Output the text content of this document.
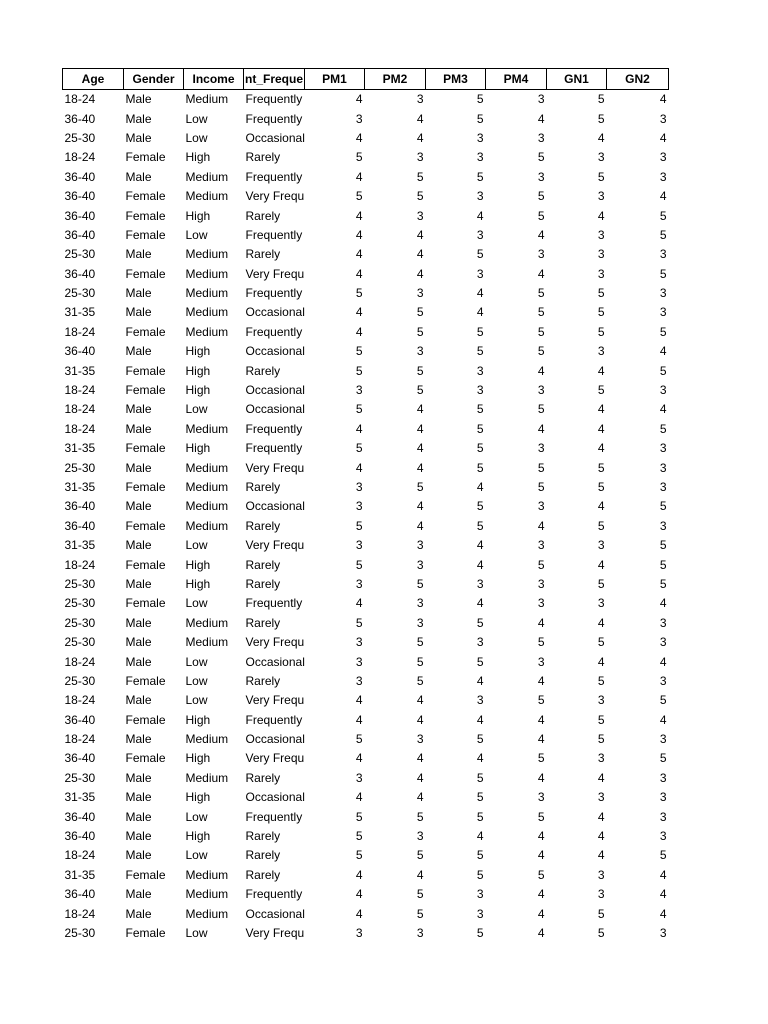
Age	Gender	Income	nt_Freque	PM1	PM2	PM3	PM4	GN1	GN2
18-24	Male	Medium	Frequently	4	3	5	3	5	4
36-40	Male	Low	Frequently	3	4	5	4	5	3
25-30	Male	Low	Occasional	4	4	3	3	4	4
18-24	Female	High	Rarely	5	3	3	5	3	3
36-40	Male	Medium	Frequently	4	5	5	3	5	3
36-40	Female	Medium	Very Frequ	5	5	3	5	3	4
36-40	Female	High	Rarely	4	3	4	5	4	5
36-40	Female	Low	Frequently	4	4	3	4	3	5
25-30	Male	Medium	Rarely	4	4	5	3	3	3
36-40	Female	Medium	Very Frequ	4	4	3	4	3	5
25-30	Male	Medium	Frequently	5	3	4	5	5	3
31-35	Male	Medium	Occasional	4	5	4	5	5	3
18-24	Female	Medium	Frequently	4	5	5	5	5	5
36-40	Male	High	Occasional	5	3	5	5	3	4
31-35	Female	High	Rarely	5	5	3	4	4	5
18-24	Female	High	Occasional	3	5	3	3	5	3
18-24	Male	Low	Occasional	5	4	5	5	4	4
18-24	Male	Medium	Frequently	4	4	5	4	4	5
31-35	Female	High	Frequently	5	4	5	3	4	3
25-30	Male	Medium	Very Frequ	4	4	5	5	5	3
31-35	Female	Medium	Rarely	3	5	4	5	5	3
36-40	Male	Medium	Occasional	3	4	5	3	4	5
36-40	Female	Medium	Rarely	5	4	5	4	5	3
31-35	Male	Low	Very Frequ	3	3	4	3	3	5
18-24	Female	High	Rarely	5	3	4	5	4	5
25-30	Male	High	Rarely	3	5	3	3	5	5
25-30	Female	Low	Frequently	4	3	4	3	3	4
25-30	Male	Medium	Rarely	5	3	5	4	4	3
25-30	Male	Medium	Very Frequ	3	5	3	5	5	3
18-24	Male	Low	Occasional	3	5	5	3	4	4
25-30	Female	Low	Rarely	3	5	4	4	5	3
18-24	Male	Low	Very Frequ	4	4	3	5	3	5
36-40	Female	High	Frequently	4	4	4	4	5	4
18-24	Male	Medium	Occasional	5	3	5	4	5	3
36-40	Female	High	Very Frequ	4	4	4	5	3	5
25-30	Male	Medium	Rarely	3	4	5	4	4	3
31-35	Male	High	Occasional	4	4	5	3	3	3
36-40	Male	Low	Frequently	5	5	5	5	4	3
36-40	Male	High	Rarely	5	3	4	4	4	3
18-24	Male	Low	Rarely	5	5	5	4	4	5
31-35	Female	Medium	Rarely	4	4	5	5	3	4
36-40	Male	Medium	Frequently	4	5	3	4	3	4
18-24	Male	Medium	Occasional	4	5	3	4	5	4
25-30	Female	Low	Very Frequ	3	3	5	4	5	3
